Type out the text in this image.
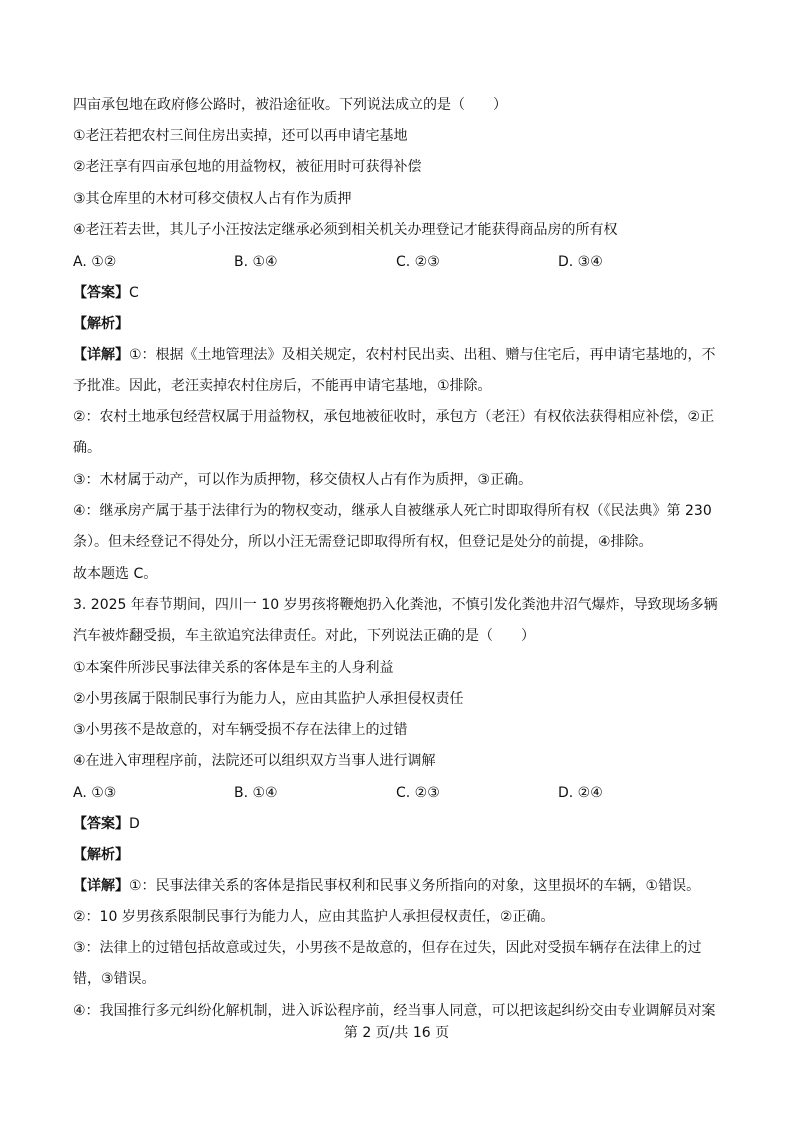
四亩承包地在政府修公路时，被沿途征收。下列说法成立的是（　　）
①老汪若把农村三间住房出卖掉，还可以再申请宅基地
②老汪享有四亩承包地的用益物权，被征用时可获得补偿
③其仓库里的木材可移交债权人占有作为质押
④老汪若去世，其儿子小汪按法定继承必须到相关机关办理登记才能获得商品房的所有权
A. ①②	B. ①④	C. ②③	D. ③④
【答案】C
【解析】
【详解】①：根据《土地管理法》及相关规定，农村村民出卖、出租、赠与住宅后，再申请宅基地的，不予批准。因此，老汪卖掉农村住房后，不能再申请宅基地，①排除。
②：农村土地承包经营权属于用益物权，承包地被征收时，承包方（老汪）有权依法获得相应补偿，②正确。
③：木材属于动产，可以作为质押物，移交债权人占有作为质押，③正确。
④：继承房产属于基于法律行为的物权变动，继承人自被继承人死亡时即取得所有权（《民法典》第 230 条）。但未经登记不得处分，所以小汪无需登记即取得所有权，但登记是处分的前提，④排除。
故本题选 C。
3. 2025 年春节期间，四川一 10 岁男孩将鞭炮扔入化粪池，不慎引发化粪池井沼气爆炸，导致现场多辆汽车被炸翻受损，车主欲追究法律责任。对此，下列说法正确的是（　　）
①本案件所涉民事法律关系的客体是车主的人身利益
②小男孩属于限制民事行为能力人，应由其监护人承担侵权责任
③小男孩不是故意的，对车辆受损不存在法律上的过错
④在进入审理程序前，法院还可以组织双方当事人进行调解
A. ①③	B. ①④	C. ②③	D. ②④
【答案】D
【解析】
【详解】①：民事法律关系的客体是指民事权利和民事义务所指向的对象，这里损坏的车辆，①错误。
②：10 岁男孩系限制民事行为能力人，应由其监护人承担侵权责任，②正确。
③：法律上的过错包括故意或过失，小男孩不是故意的，但存在过失，因此对受损车辆存在法律上的过错，③错误。
④：我国推行多元纠纷化解机制，进入诉讼程序前，经当事人同意，可以把该起纠纷交由专业调解员对案
第 2 页/共 16 页
